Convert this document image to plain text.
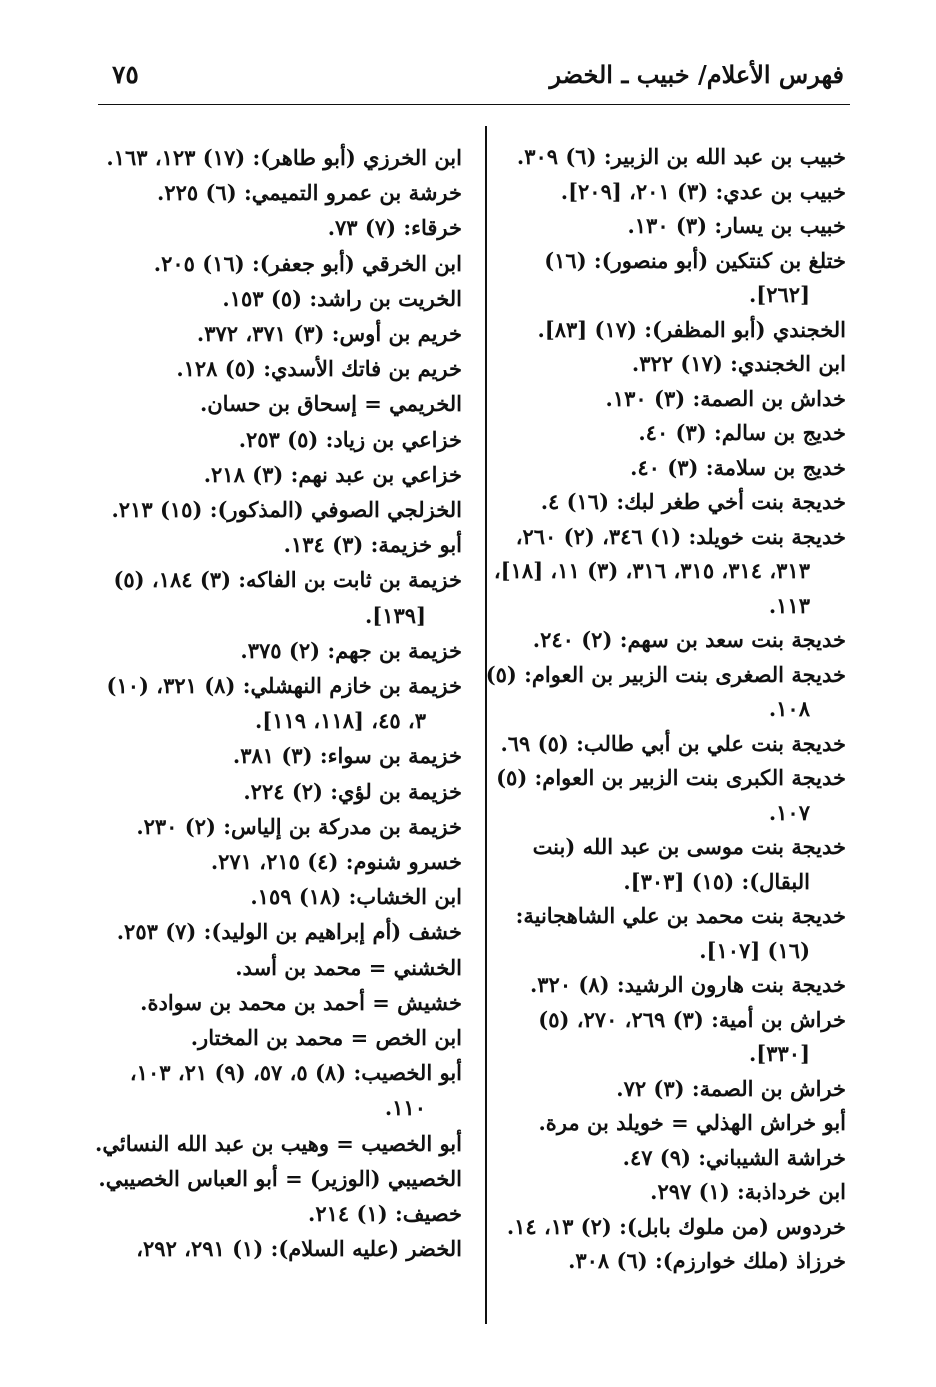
٧٥	فهرس الأعلام/ خبيب ـ الخضر

خبيب بن عبد الله بن الزبير: (٦) ٣٠٩.

خبيب بن عدي: (٣) ٢٠١، [٢٠٩].

خبيب بن يسار: (٣) ١٣٠.

ختلغ بن كنتكين (أبو منصور): (١٦) [٢٦٢].

الخجندي (أبو المظفر): (١٧) [٨٣].

ابن الخجندي: (١٧) ٣٢٢.

خداش بن الصمة: (٣) ١٣٠.

خديج بن سالم: (٣) ٤٠.

خديج بن سلامة: (٣) ٤٠.

خديجة بنت أخي طغر لبك: (١٦) ٤.

خديجة بنت خويلد: (١) ٣٤٦، (٢) ٢٦٠، ٣١٣، ٣١٤، ٣١٥، ٣١٦، (٣) ١١، [١٨]، ١١٣.

خديجة بنت سعد بن سهم: (٢) ٢٤٠.

خديجة الصغرى بنت الزبير بن العوام: (٥) ١٠٨.

خديجة بنت علي بن أبي طالب: (٥) ٦٩.

خديجة الكبرى بنت الزبير بن العوام: (٥) ١٠٧.

خديجة بنت موسى بن عبد الله (بنت البقال): (١٥) [٣٠٣].

خديجة بنت محمد بن علي الشاهجانية: (١٦) [١٠٧].

خديجة بنت هارون الرشيد: (٨) ٣٢٠.

خراش بن أمية: (٣) ٢٦٩، ٢٧٠، (٥) [٣٣٠].

خراش بن الصمة: (٣) ٧٢.

أبو خراش الهذلي = خويلد بن مرة.

خراشة الشيباني: (٩) ٤٧.

ابن خرداذبة: (١) ٢٩٧.

خردوس (من ملوك بابل): (٢) ١٣، ١٤.

خرزاذ (ملك خوارزم): (٦) ٣٠٨.

ابن الخرزي (أبو طاهر): (١٧) ١٢٣، ١٦٣.

خرشة بن عمرو التميمي: (٦) ٢٢٥.

خرقاء: (٧) ٧٣.

ابن الخرقي (أبو جعفر): (١٦) ٢٠٥.

الخريت بن راشد: (٥) ١٥٣.

خريم بن أوس: (٣) ٣٧١، ٣٧٢.

خريم بن فاتك الأسدي: (٥) ١٢٨.

الخريمي = إسحاق بن حسان.

خزاعي بن زياد: (٥) ٢٥٣.

خزاعي بن عبد نهم: (٣) ٢١٨.

الخزلجي الصوفي (المذكور): (١٥) ٢١٣.

أبو خزيمة: (٣) ١٣٤.

خزيمة بن ثابت بن الفاكه: (٣) ١٨٤، (٥) [١٣٩].

خزيمة بن جهم: (٢) ٣٧٥.

خزيمة بن خازم النهشلي: (٨) ٣٢١، (١٠) ٣، ٤٥، [١١٨، ١١٩].

خزيمة بن سواء: (٣) ٣٨١.

خزيمة بن لؤي: (٢) ٢٢٤.

خزيمة بن مدركة بن إلياس: (٢) ٢٣٠.

خسرو شنوم: (٤) ٢١٥، ٢٧١.

ابن الخشاب: (١٨) ١٥٩.

خشف (أم إبراهيم بن الوليد): (٧) ٢٥٣.

الخشني = محمد بن أسد.

خشيش = أحمد بن محمد بن سوادة.

ابن الخص = محمد بن المختار.

أبو الخصيب: (٨) ٥، ٥٧، (٩) ٢١، ١٠٣، ١١٠.

أبو الخصيب = وهيب بن عبد الله النسائي.

الخصيبي (الوزير) = أبو العباس الخصيبي.

خصيف: (١) ٢١٤.

الخضر (عليه السلام): (١) ٢٩١، ٢٩٢،
